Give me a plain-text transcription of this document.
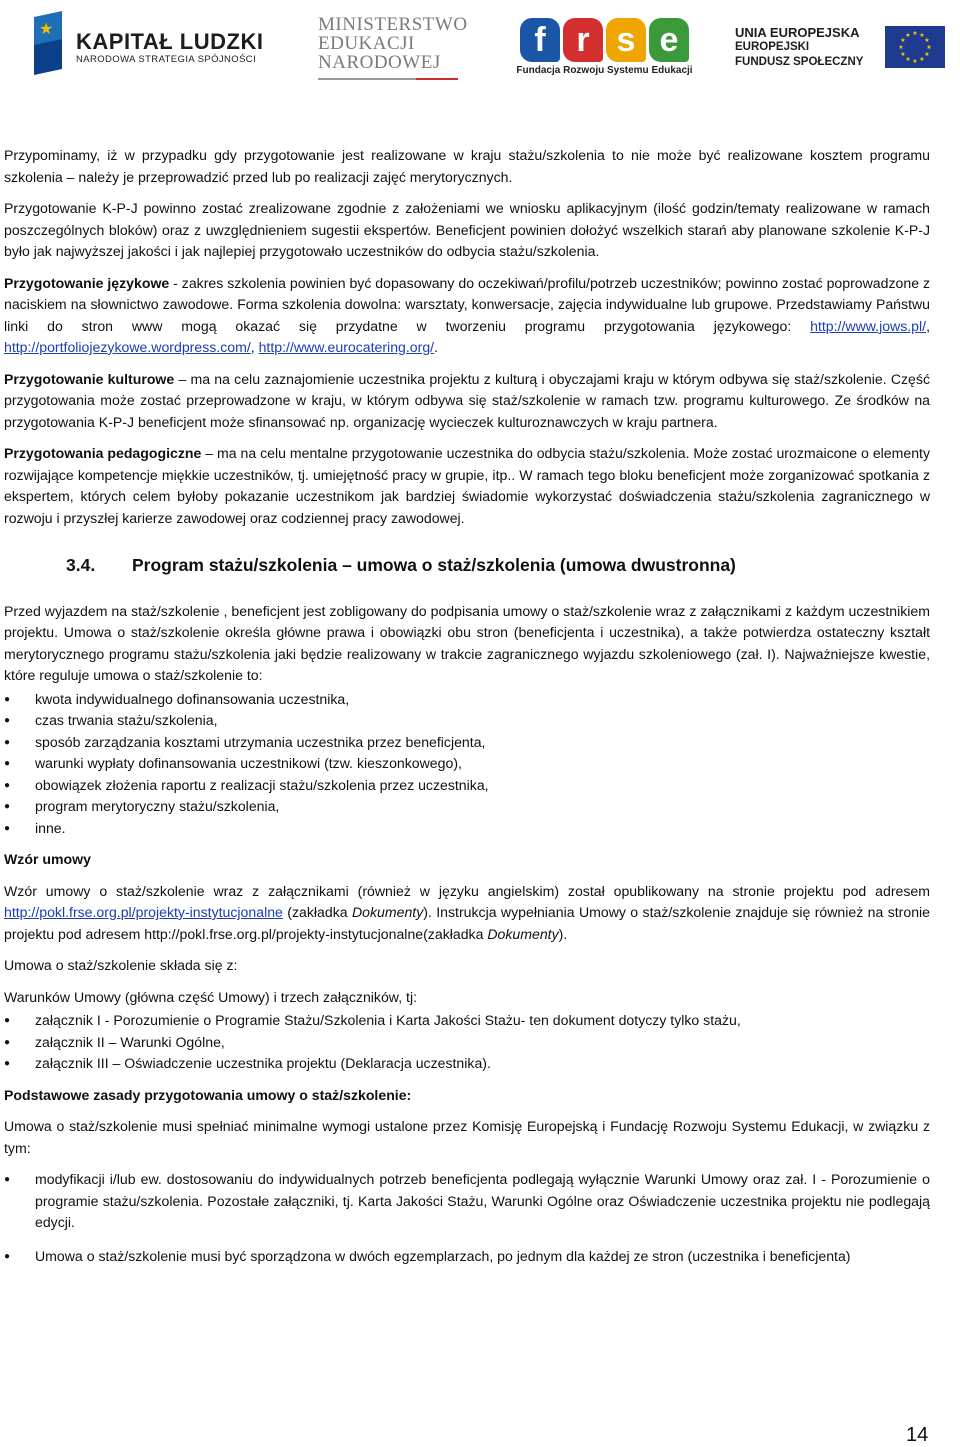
★ KAPITAŁ LUDZKI
NARODOWA STRATEGIA SPÓJNOŚCI
MINISTERSTWO
EDUKACJI
NARODOWEJ
f r s e
Fundacja Rozwoju Systemu Edukacji
UNIA EUROPEJSKA
EUROPEJSKI
FUNDUSZ SPOŁECZNY
★ ★
★
★
★
★
★
★
★
★
★
★

Przypominamy, iż w przypadku gdy przygotowanie jest realizowane w kraju stażu/szkolenia to nie może być realizowane kosztem programu szkolenia – należy je przeprowadzić przed lub po realizacji zajęć merytorycznych.

Przygotowanie K-P-J powinno zostać zrealizowane zgodnie z założeniami we wniosku aplikacyjnym (ilość godzin/tematy realizowane w ramach poszczególnych bloków) oraz z uwzględnieniem sugestii ekspertów. Beneficjent powinien dołożyć wszelkich starań aby planowane szkolenie K-P-J było jak najwyższej jakości i jak najlepiej przygotowało uczestników do odbycia stażu/szkolenia.

Przygotowanie językowe - zakres szkolenia powinien być dopasowany do oczekiwań/profilu/potrzeb uczestników; powinno zostać poprowadzone z naciskiem na słownictwo zawodowe. Forma szkolenia dowolna: warsztaty, konwersacje, zajęcia indywidualne lub grupowe. Przedstawiamy Państwu linki do stron www mogą okazać się przydatne w tworzeniu programu przygotowania językowego: http://www.jows.pl/, http://portfoliojezykowe.wordpress.com/, http://www.eurocatering.org/.

Przygotowanie kulturowe – ma na celu zaznajomienie uczestnika projektu z kulturą i obyczajami kraju w którym odbywa się staż/szkolenie. Część przygotowania może zostać przeprowadzone w kraju, w którym odbywa się staż/szkolenie w ramach tzw. programu kulturowego. Ze środków na przygotowania K-P-J beneficjent może sfinansować np. organizację wycieczek kulturoznawczych w kraju partnera.

Przygotowania pedagogiczne – ma na celu mentalne przygotowanie uczestnika do odbycia stażu/szkolenia. Może zostać urozmaicone o elementy rozwijające kompetencje miękkie uczestników, tj. umiejętność pracy w grupie, itp.. W ramach tego bloku beneficjent może zorganizować spotkania z ekspertem, których celem byłoby pokazanie uczestnikom jak bardziej świadomie wykorzystać doświadczenia stażu/szkolenia zagranicznego w rozwoju i przyszłej karierze zawodowej oraz codziennej pracy zawodowej.

3.4. Program stażu/szkolenia – umowa o staż/szkolenia (umowa dwustronna)

Przed wyjazdem na staż/szkolenie , beneficjent jest zobligowany do podpisania umowy o staż/szkolenie wraz z załącznikami z każdym uczestnikiem projektu. Umowa o staż/szkolenie określa główne prawa i obowiązki obu stron (beneficjenta i uczestnika), a także potwierdza ostateczny kształt merytorycznego programu stażu/szkolenia jaki będzie realizowany w trakcie zagranicznego wyjazdu szkoleniowego (zał. I). Najważniejsze kwestie, które reguluje umowa o staż/szkolenie to:

● kwota indywidualnego dofinansowania uczestnika,
● czas trwania stażu/szkolenia,
● sposób zarządzania kosztami utrzymania uczestnika przez beneficjenta,
● warunki wypłaty dofinansowania uczestnikowi (tzw. kieszonkowego),
● obowiązek złożenia raportu z realizacji stażu/szkolenia przez uczestnika,
● program merytoryczny stażu/szkolenia,
● inne.

Wzór umowy

Wzór umowy o staż/szkolenie wraz z załącznikami (również w języku angielskim) został opublikowany na stronie projektu pod adresem http://pokl.frse.org.pl/projekty-instytucjonalne (zakładka Dokumenty). Instrukcja wypełniania Umowy o staż/szkolenie znajduje się również na stronie projektu pod adresem http://pokl.frse.org.pl/projekty-instytucjonalne(zakładka Dokumenty).

Umowa o staż/szkolenie składa się z:

Warunków Umowy (główna część Umowy) i trzech załączników, tj:

● załącznik I - Porozumienie o Programie Stażu/Szkolenia i Karta Jakości Stażu- ten dokument dotyczy tylko stażu,
● załącznik II – Warunki Ogólne,
● załącznik III – Oświadczenie uczestnika projektu (Deklaracja uczestnika).

Podstawowe zasady przygotowania umowy o staż/szkolenie:

Umowa o staż/szkolenie musi spełniać minimalne wymogi ustalone przez Komisję Europejską i Fundację Rozwoju Systemu Edukacji, w związku z tym:

● modyfikacji i/lub ew. dostosowaniu do indywidualnych potrzeb beneficjenta podlegają wyłącznie Warunki Umowy oraz zał. I - Porozumienie o programie stażu/szkolenia. Pozostałe załączniki, tj. Karta Jakości Stażu, Warunki Ogólne oraz Oświadczenie uczestnika projektu nie podlegają edycji.
● Umowa o staż/szkolenie musi być sporządzona w dwóch egzemplarzach, po jednym dla każdej ze stron (uczestnika i beneficjenta)
14
